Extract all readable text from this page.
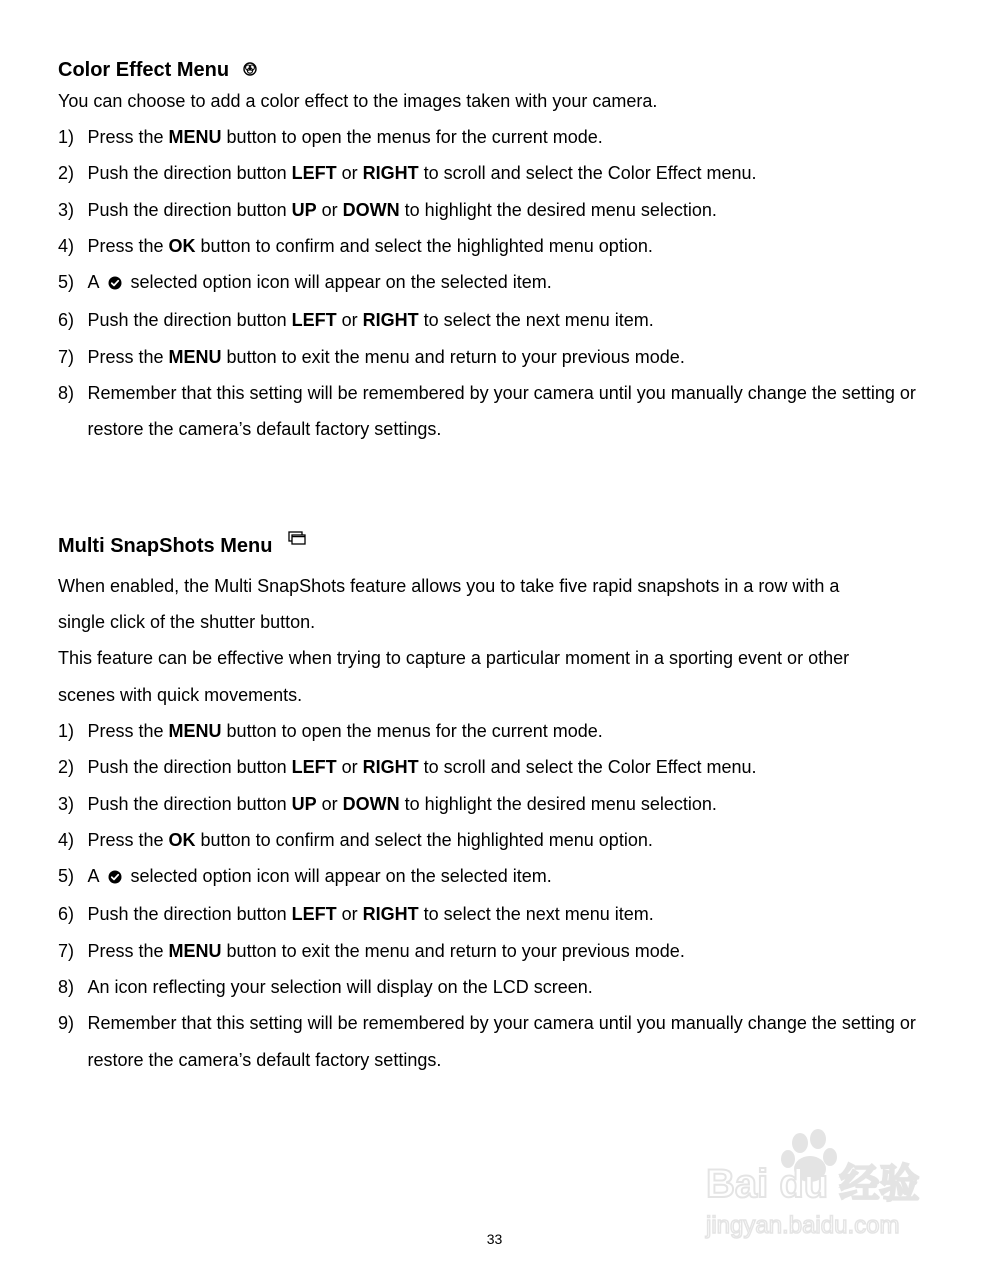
Color Effect Menu
You can choose to add a color effect to the images taken with your camera.
1) Press the MENU button to open the menus for the current mode.
2) Push the direction button LEFT or RIGHT to scroll and select the Color Effect menu.
3) Push the direction button UP or DOWN to highlight the desired menu selection.
4) Press the OK button to confirm and select the highlighted menu option.
5) A selected option icon will appear on the selected item.
6) Push the direction button LEFT or RIGHT to select the next menu item.
7) Press the MENU button to exit the menu and return to your previous mode.
8) Remember that this setting will be remembered by your camera until you manually change the setting or restore the camera’s default factory settings.
Multi SnapShots Menu
When enabled, the Multi SnapShots feature allows you to take five rapid snapshots in a row with a
single click of the shutter button.
This feature can be effective when trying to capture a particular moment in a sporting event or other
scenes with quick movements.
1) Press the MENU button to open the menus for the current mode.
2) Push the direction button LEFT or RIGHT to scroll and select the Color Effect menu.
3) Push the direction button UP or DOWN to highlight the desired menu selection.
4) Press the OK button to confirm and select the highlighted menu option.
5) A selected option icon will appear on the selected item.
6) Push the direction button LEFT or RIGHT to select the next menu item.
7) Press the MENU button to exit the menu and return to your previous mode.
8) An icon reflecting your selection will display on the LCD screen.
9) Remember that this setting will be remembered by your camera until you manually change the setting or restore the camera’s default factory settings.
Bai du 经验
jingyan.baidu.com
33
